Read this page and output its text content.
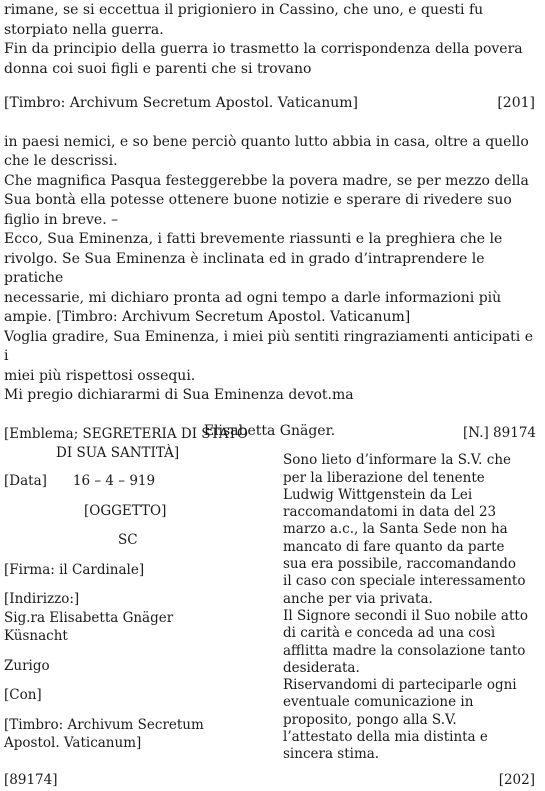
rimane, se si eccettua il prigioniero in Cassino, che uno, e questi fu

storpiato nella guerra.

Fin da principio della guerra io trasmetto la corrispondenza della povera

donna coi suoi figli e parenti che si trovano

[Timbro: Archivum Secretum Apostol. Vaticanum]	[201]

in paesi nemici, e so bene perciò quanto lutto abbia in casa, oltre a quello

che le descrissi.

Che magnifica Pasqua festeggerebbe la povera madre, se per mezzo della

Sua bontà ella potesse ottenere buone notizie e sperare di rivedere suo

figlio in breve. –

Ecco, Sua Eminenza, i fatti brevemente riassunti e la preghiera che le

rivolgo. Se Sua Eminenza è inclinata ed in grado d’intraprendere le pratiche

necessarie, mi dichiaro pronta ad ogni tempo a darle informazioni più

ampie. [Timbro: Archivum Secretum Apostol. Vaticanum]

Voglia gradire, Sua Eminenza, i miei più sentiti ringraziamenti anticipati e i

miei più rispettosi ossequi.

Mi pregio dichiararmi di Sua Eminenza devot.ma

Elisabetta Gnäger.
[Emblema; SEGRETERIA DI STATO
DI SUA SANTITÀ]
[Data] 16 – 4 – 919
[OGGETTO]
SC
[Firma: il Cardinale]
[Indirizzo:]
Sig.ra Elisabetta Gnäger
Küsnacht
Zurigo
[Con]
[Timbro: Archivum Secretum
Apostol. Vaticanum]
[N.] 89174
Sono lieto d’informare la S.V. che
per la liberazione del tenente
Ludwig Wittgenstein da Lei
raccomandatomi in data del 23
marzo a.c., la Santa Sede non ha
mancato di fare quanto da parte
sua era possibile, raccomandando
il caso con speciale interessamento
anche per via privata.
Il Signore secondi il Suo nobile atto
di carità e conceda ad una così
afflitta madre la consolazione tanto
desiderata.
Riservandomi di parteciparle ogni
eventuale comunicazione in
proposito, pongo alla S.V.
l’attestato della mia distinta e
sincera stima.
[89174]	[202]
